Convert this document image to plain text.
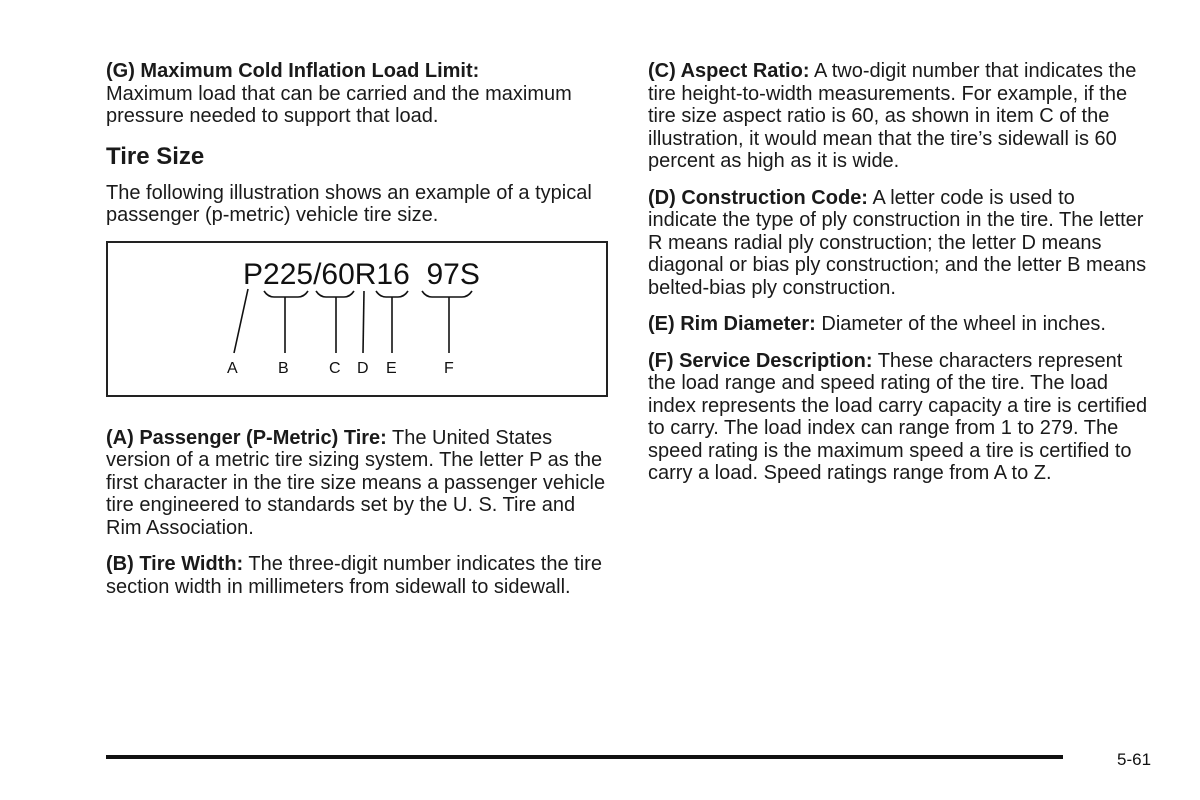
(G) Maximum Cold Inflation Load Limit:
Maximum load that can be carried and the maximum pressure needed to support that load.

Tire Size

The following illustration shows an example of a typical passenger (p-metric) vehicle tire size.

P225/60R16  97S
A	B	C D E	F

(A) Passenger (P-Metric) Tire: The United States version of a metric tire sizing system. The letter P as the first character in the tire size means a passenger vehicle tire engineered to standards set by the U. S. Tire and Rim Association.

(B) Tire Width: The three-digit number indicates the tire section width in millimeters from sidewall to sidewall.

(C) Aspect Ratio: A two-digit number that indicates the tire height-to-width measurements. For example, if the tire size aspect ratio is 60, as shown in item C of the illustration, it would mean that the tire’s sidewall is 60 percent as high as it is wide.

(D) Construction Code: A letter code is used to indicate the type of ply construction in the tire. The letter R means radial ply construction; the letter D means diagonal or bias ply construction; and the letter B means belted-bias ply construction.

(E) Rim Diameter: Diameter of the wheel in inches.

(F) Service Description: These characters represent the load range and speed rating of the tire. The load index represents the load carry capacity a tire is certified to carry. The load index can range from 1 to 279. The speed rating is the maximum speed a tire is certified to carry a load. Speed ratings range from A to Z.

5-61
